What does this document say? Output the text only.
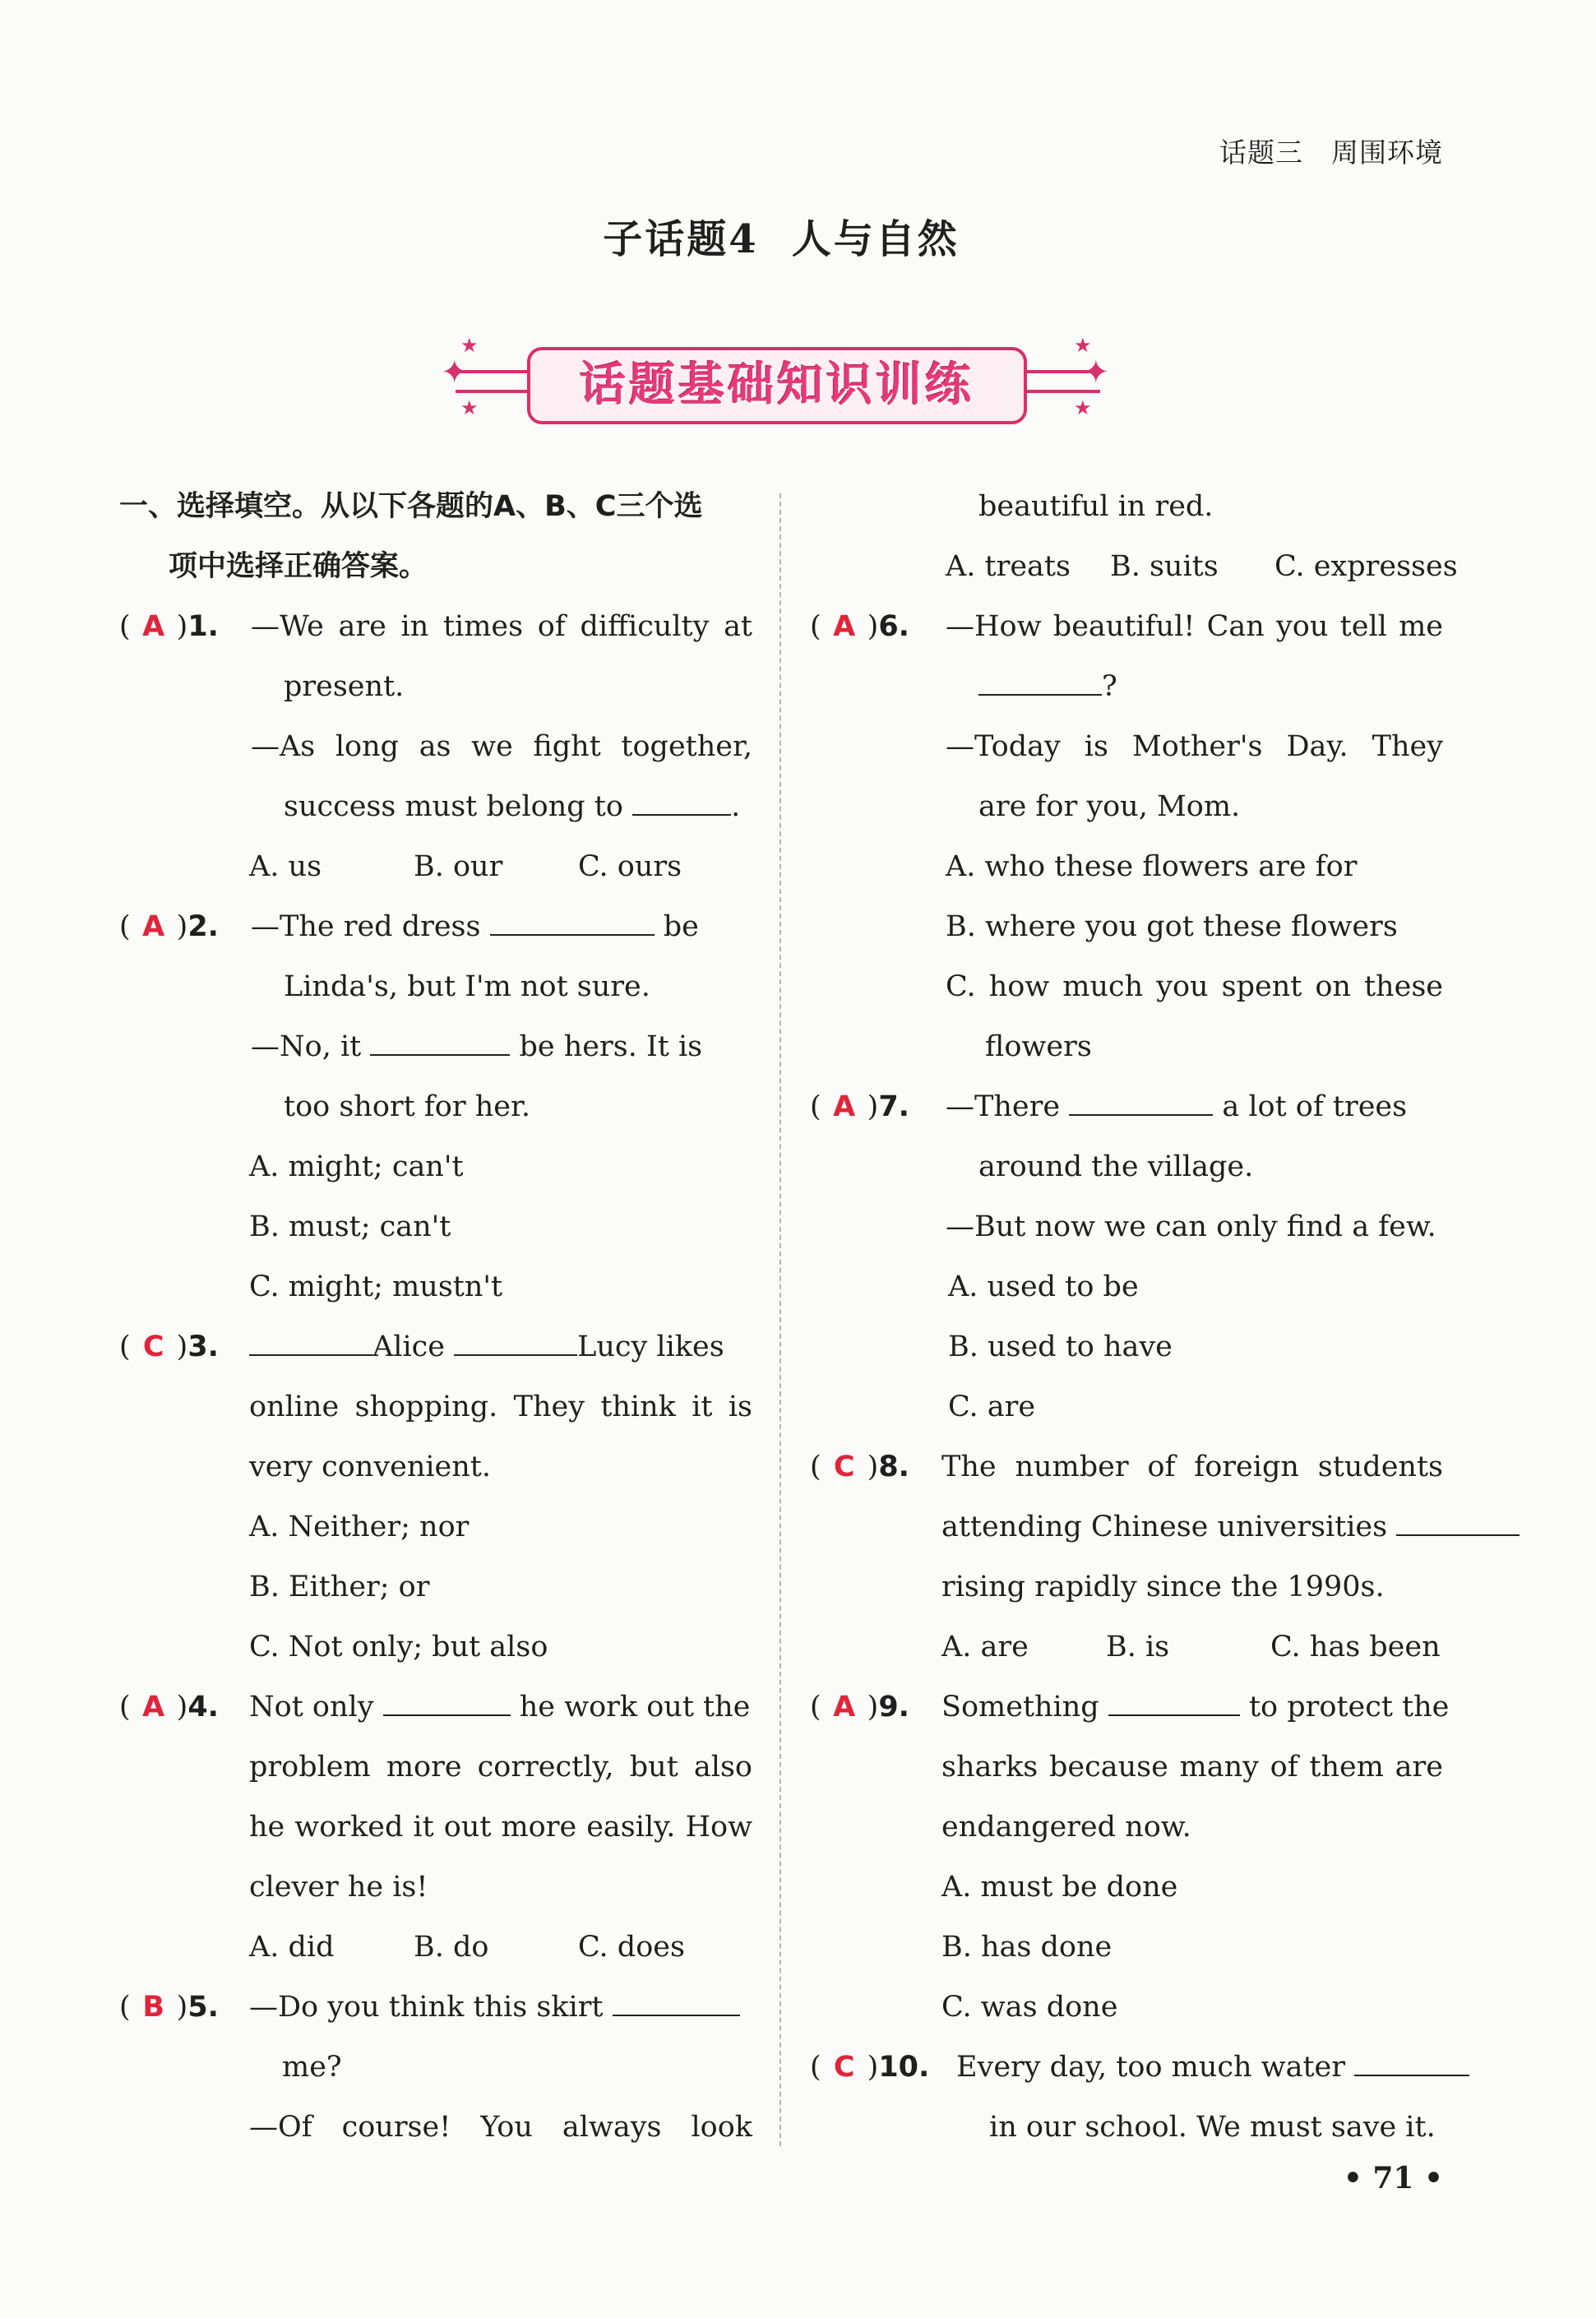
话题三 周围环境
子话题4 人与自然
✦
★
★
✦
★
★
话题基础知识训练
一、选择填空。从以下各题的A、B、C三个选
项中选择正确答案。
( A )1.	—We are in times of difficulty at
present.
—As long as we fight together,
success must belong to	.
A. us	B. our	C. ours
( A )2.	—The red dress	be
Linda's, but I'm not sure.
—No, it	be hers. It is
too short for her.
A. might; can't
B. must; can't
C. might; mustn't
( C )3.	Alice	Lucy likes
online shopping. They think it is
very convenient.
A. Neither; nor
B. Either; or
C. Not only; but also
( A )4.	Not only	he work out the
problem more correctly, but also
he worked it out more easily. How
clever he is!
A. did	B. do	C. does
( B )5.	—Do you think this skirt
me?
—Of course! You always look
beautiful in red.
A. treats B. suits C. expresses
( A )6.	—How beautiful! Can you tell me
?
—Today is Mother's Day. They
are for you, Mom.
A. who these flowers are for
B. where you got these flowers
C. how much you spent on these
flowers
( A )7.	—There	a lot of trees
around the village.
—But now we can only find a few.
A. used to be
B. used to have
C. are
( C )8.	The number of foreign students
attending Chinese universities
rising rapidly since the 1990s.
A. are	B. is	C. has been
( A )9.	Something	to protect the
sharks because many of them are
endangered now.
A. must be done
B. has done
C. was done
( C )10. Every day, too much water
in our school. We must save it.
• 71 •
